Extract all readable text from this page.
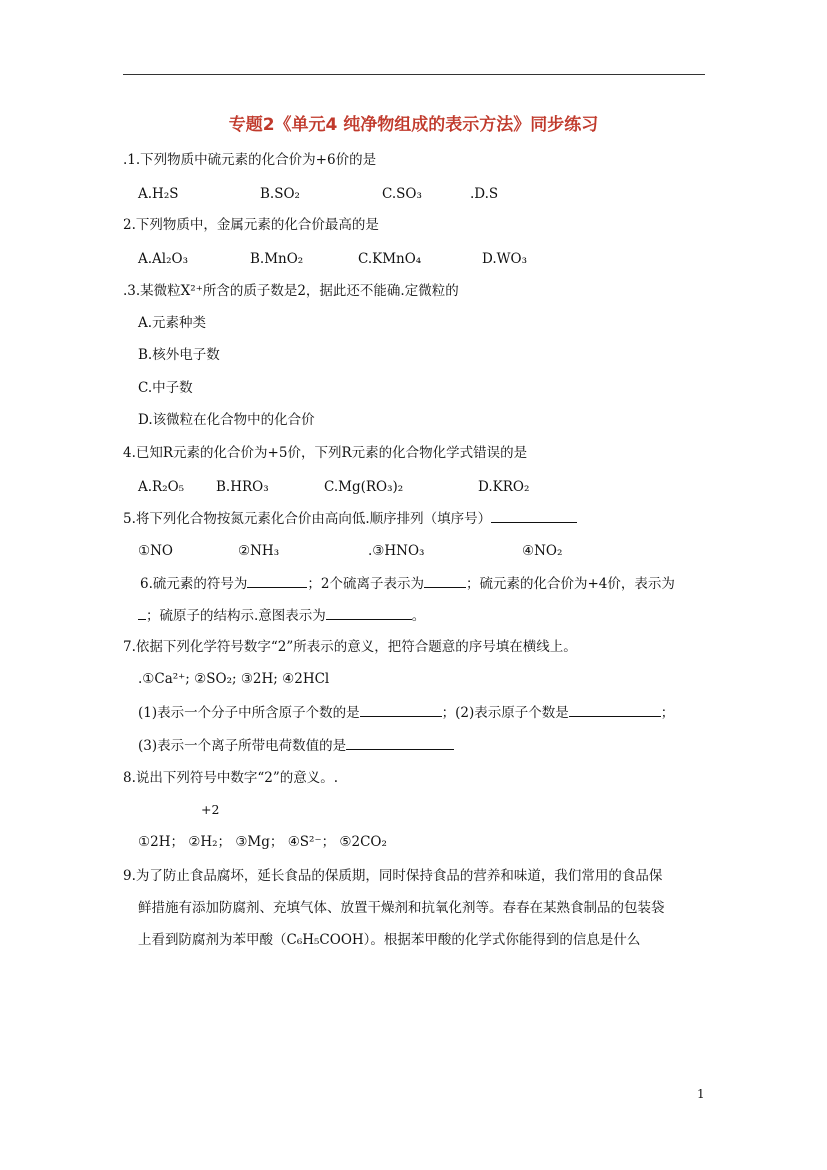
专题2《单元4 纯净物组成的表示方法》同步练习
.1.下列物质中硫元素的化合价为+6价的是
A.H₂S	B.SO₂	C.SO₃	.D.S
2.下列物质中，金属元素的化合价最高的是
A.Al₂O₃	B.MnO₂	C.KMnO₄	D.WO₃
.3.某微粒X²⁺所含的质子数是2，据此还不能确.定微粒的
A.元素种类
B.核外电子数
C.中子数
D.该微粒在化合物中的化合价
4.已知R元素的化合价为+5价，下列R元素的化合物化学式错误的是
A.R₂O₅ B.HRO₃	C.Mg(RO₃)₂	D.KRO₂
5.将下列化合物按氮元素化合价由高向低.顺序排列（填序号）
①NO	②NH₃	.③HNO₃	④NO₂
6.硫元素的符号为	；2个硫离子表示为	；硫元素的化合价为+4价，表示为
；硫原子的结构示.意图表示为	。
7.依据下列化学符号数字“2”所表示的意义，把符合题意的序号填在横线上。
.①Ca²⁺; ②SO₂; ③2H; ④2HCl
(1)表示一个分子中所含原子个数的是	；(2)表示原子个数是	；
(3)表示一个离子所带电荷数值的是
8.说出下列符号中数字“2”的意义。.
+2
①2H； ②H₂； ③Mg； ④S²⁻； ⑤2CO₂
9.为了防止食品腐坏，延长食品的保质期，同时保持食品的营养和味道，我们常用的食品保
鲜措施有添加防腐剂、充填气体、放置干燥剂和抗氧化剂等。春春在某熟食制品的包装袋
上看到防腐剂为苯甲酸（C₆H₅COOH）。根据苯甲酸的化学式你能得到的信息是什么
1
